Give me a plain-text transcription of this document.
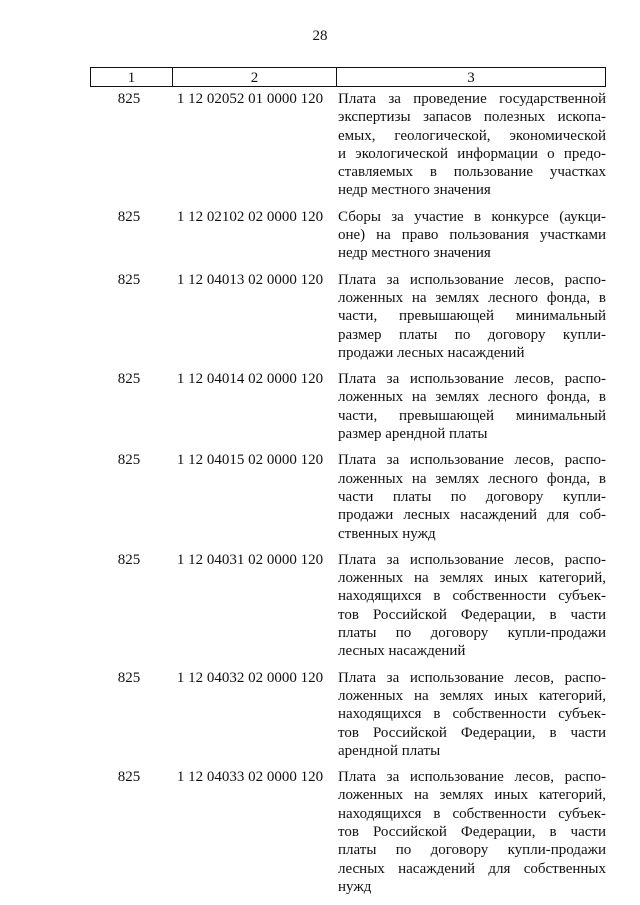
28
1	2	3
825	1 12 02052 01 0000 120 Плата за проведение государственной
экспертизы запасов полезных ископа-
емых, геологической, экономической
и экологической информации о предо-
ставляемых в пользование участках
недр местного значения
825	1 12 02102 02 0000 120 Сборы за участие в конкурсе (аукци-
оне) на право пользования участками
недр местного значения
825	1 12 04013 02 0000 120 Плата за использование лесов, распо-
ложенных на землях лесного фонда, в
части, превышающей минимальный
размер платы по договору купли-
продажи лесных насаждений
825	1 12 04014 02 0000 120 Плата за использование лесов, распо-
ложенных на землях лесного фонда, в
части, превышающей минимальный
размер арендной платы
825	1 12 04015 02 0000 120 Плата за использование лесов, распо-
ложенных на землях лесного фонда, в
части платы по договору купли-
продажи лесных насаждений для соб-
ственных нужд
825	1 12 04031 02 0000 120 Плата за использование лесов, распо-
ложенных на землях иных категорий,
находящихся в собственности субъек-
тов Российской Федерации, в части
платы по договору купли-продажи
лесных насаждений
825	1 12 04032 02 0000 120 Плата за использование лесов, распо-
ложенных на землях иных категорий,
находящихся в собственности субъек-
тов Российской Федерации, в части
арендной платы
825	1 12 04033 02 0000 120 Плата за использование лесов, распо-
ложенных на землях иных категорий,
находящихся в собственности субъек-
тов Российской Федерации, в части
платы по договору купли-продажи
лесных насаждений для собственных
нужд
